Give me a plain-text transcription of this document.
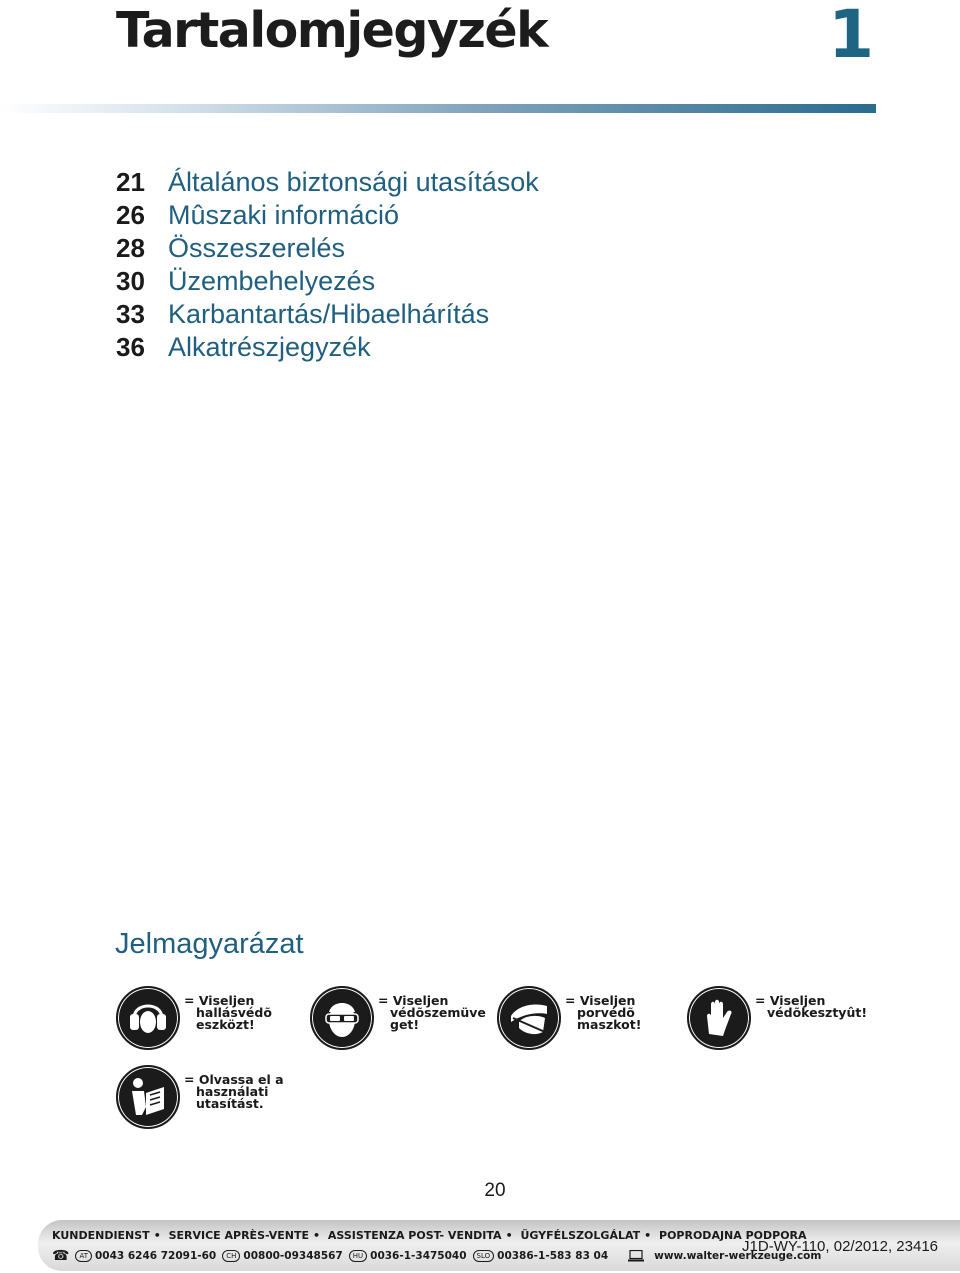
Tartalomjegyzék	1
21 Általános biztonsági utasítások
26 Mûszaki információ
28 Összeszerelés
30 Üzembehelyezés
33 Karbantartás/Hibaelhárítás
36 Alkatrészjegyzék
Jelmagyarázat
= Viseljen
hallásvédõ
eszközt!
= Viseljen
védõszemüve
get!
= Viseljen
porvédõ
maszkot!
= Viseljen
védõkesztyût!
= Olvassa el a
használati
utasítást.
20
KUNDENDIENST • SERVICE APRÈS-VENTE • ASSISTENZA POST- VENDITA • ÜGYFÉLSZOLGÁLAT • POPRODAJNA PODPORA
☎	AT 0043 6246 72091-60	CH 00800-09348567	HU 0036-1-3475040	SLO 00386-1-583 83 04	www.walter-werkzeuge.com
J1D-WY-110, 02/2012, 23416
